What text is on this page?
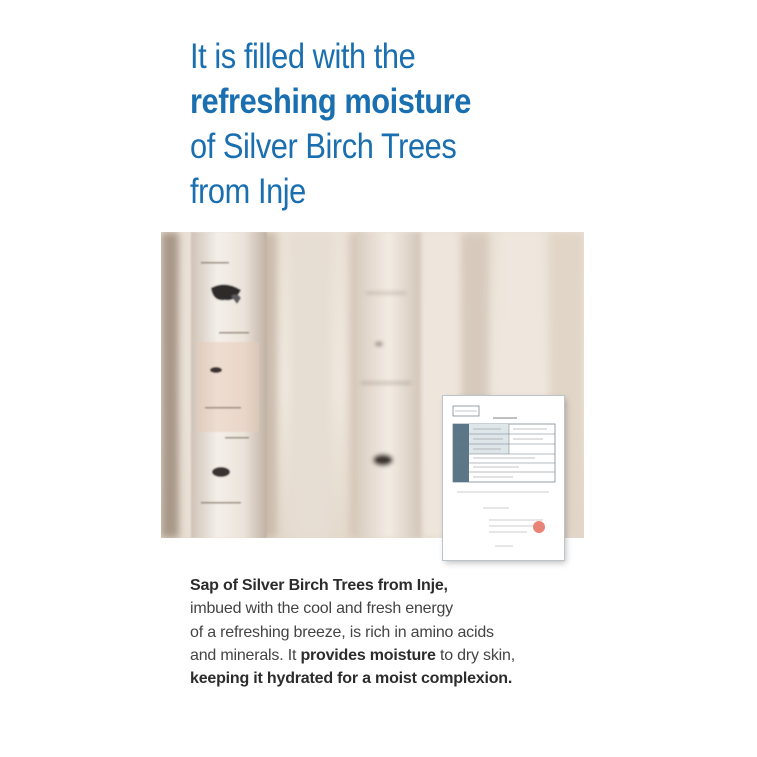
It is filled with the
refreshing moisture
of Silver Birch Trees
from Inje

Sap of Silver Birch Trees from Inje,

imbued with the cool and fresh energy

of a refreshing breeze, is rich in amino acids

and minerals. It provides moisture to dry skin,

keeping it hydrated for a moist complexion.
